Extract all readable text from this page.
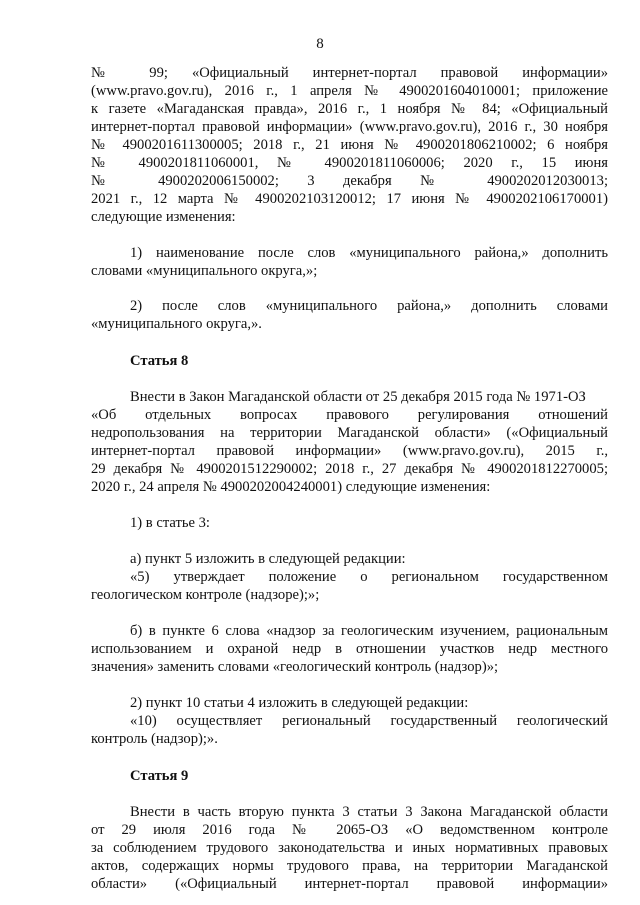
8
№ 99; «Официальный интернет-портал правовой информации»
(www.pravo.gov.ru), 2016 г., 1 апреля № 4900201604010001; приложение
к газете «Магаданская правда», 2016 г., 1 ноября № 84; «Официальный
интернет-портал правовой информации» (www.pravo.gov.ru), 2016 г., 30 ноября
№ 4900201611300005; 2018 г., 21 июня № 4900201806210002; 6 ноября
№ 4900201811060001, № 4900201811060006; 2020 г., 15 июня
№ 4900202006150002; 3 декабря № 4900202012030013;
2021 г., 12 марта № 4900202103120012; 17 июня № 4900202106170001)
следующие изменения:
1) наименование после слов «муниципального района,» дополнить
словами «муниципального округа,»;
2) после слов «муниципального района,» дополнить словами
«муниципального округа,».
Статья 8
Внести в Закон Магаданской области от 25 декабря 2015 года № 1971-ОЗ
«Об отдельных вопросах правового регулирования отношений
недропользования на территории Магаданской области» («Официальный
интернет-портал правовой информации» (www.pravo.gov.ru), 2015 г.,
29 декабря № 4900201512290002; 2018 г., 27 декабря № 4900201812270005;
2020 г., 24 апреля № 4900202004240001) следующие изменения:
1) в статье 3:
а) пункт 5 изложить в следующей редакции:
«5) утверждает положение о региональном государственном
геологическом контроле (надзоре);»;
б) в пункте 6 слова «надзор за геологическим изучением, рациональным
использованием и охраной недр в отношении участков недр местного
значения» заменить словами «геологический контроль (надзор)»;
2) пункт 10 статьи 4 изложить в следующей редакции:
«10) осуществляет региональный государственный геологический
контроль (надзор);».
Статья 9
Внести в часть вторую пункта 3 статьи 3 Закона Магаданской области
от 29 июля 2016 года № 2065-ОЗ «О ведомственном контроле
за соблюдением трудового законодательства и иных нормативных правовых
актов, содержащих нормы трудового права, на территории Магаданской
области» («Официальный интернет-портал правовой информации»
